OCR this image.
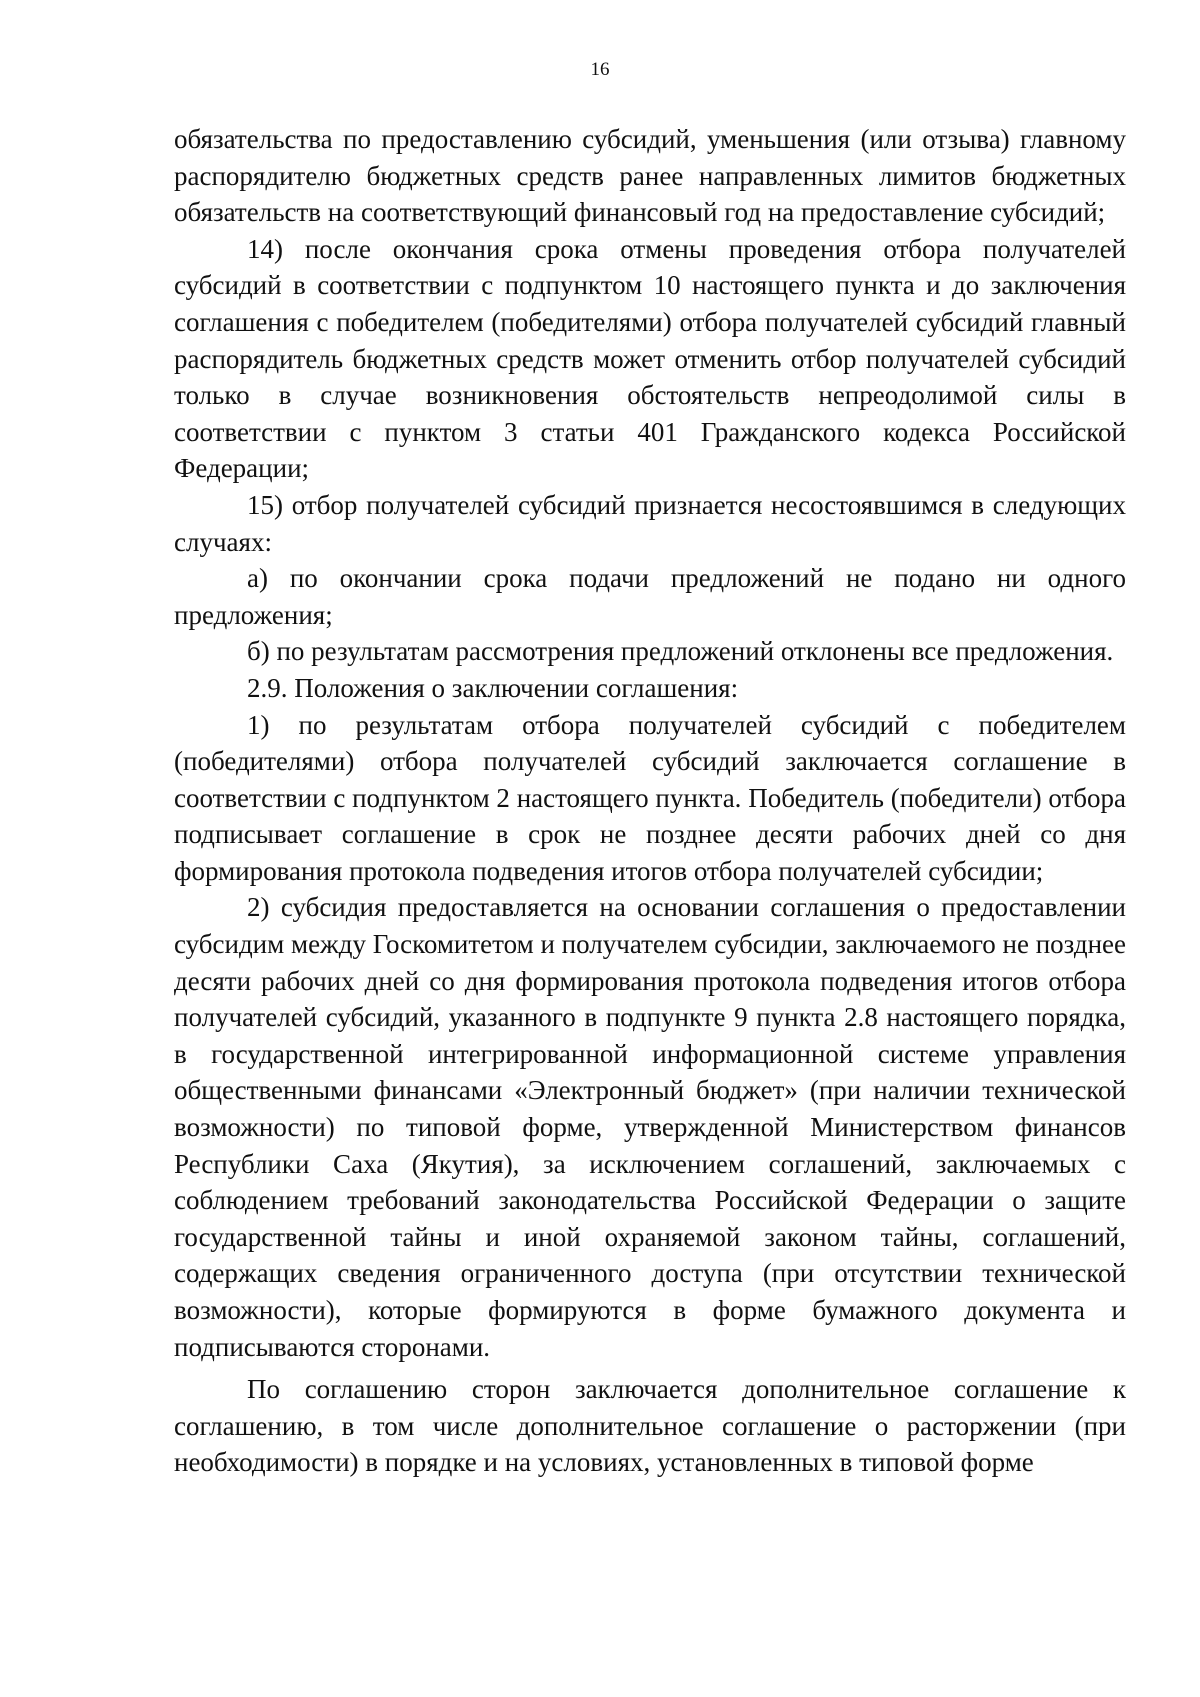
16

обязательства по предоставлению субсидий, уменьшения (или отзыва) главному распорядителю бюджетных средств ранее направленных лимитов бюджетных обязательств на соответствующий финансовый год на предоставление субсидий;

14) после окончания срока отмены проведения отбора получателей субсидий в соответствии с подпунктом 10 настоящего пункта и до заключения соглашения с победителем (победителями) отбора получателей субсидий главный распорядитель бюджетных средств может отменить отбор получателей субсидий только в случае возникновения обстоятельств непреодолимой силы в соответствии с пунктом 3 статьи 401 Гражданского кодекса Российской Федерации;

15) отбор получателей субсидий признается несостоявшимся в следующих случаях:

а) по окончании срока подачи предложений не подано ни одного предложения;

б) по результатам рассмотрения предложений отклонены все предложения.

2.9. Положения о заключении соглашения:

1) по результатам отбора получателей субсидий с победителем (победителями) отбора получателей субсидий заключается соглашение в соответствии с подпунктом 2 настоящего пункта. Победитель (победители) отбора подписывает соглашение в срок не позднее десяти рабочих дней со дня формирования протокола подведения итогов отбора получателей субсидии;

2) субсидия предоставляется на основании соглашения о предоставлении субсидим между Госкомитетом и получателем субсидии, заключаемого не позднее десяти рабочих дней со дня формирования протокола подведения итогов отбора получателей субсидий, указанного в подпункте 9 пункта 2.8 настоящего порядка, в государственной интегрированной информационной системе управления общественными финансами «Электронный бюджет» (при наличии технической возможности) по типовой форме, утвержденной Министерством финансов Республики Саха (Якутия), за исключением соглашений, заключаемых с соблюдением требований законодательства Российской Федерации о защите государственной тайны и иной охраняемой законом тайны, соглашений, содержащих сведения ограниченного доступа (при отсутствии технической возможности), которые формируются в форме бумажного документа и подписываются сторонами.

По соглашению сторон заключается дополнительное соглашение к соглашению, в том числе дополнительное соглашение о расторжении (при необходимости) в порядке и на условиях, установленных в типовой форме
